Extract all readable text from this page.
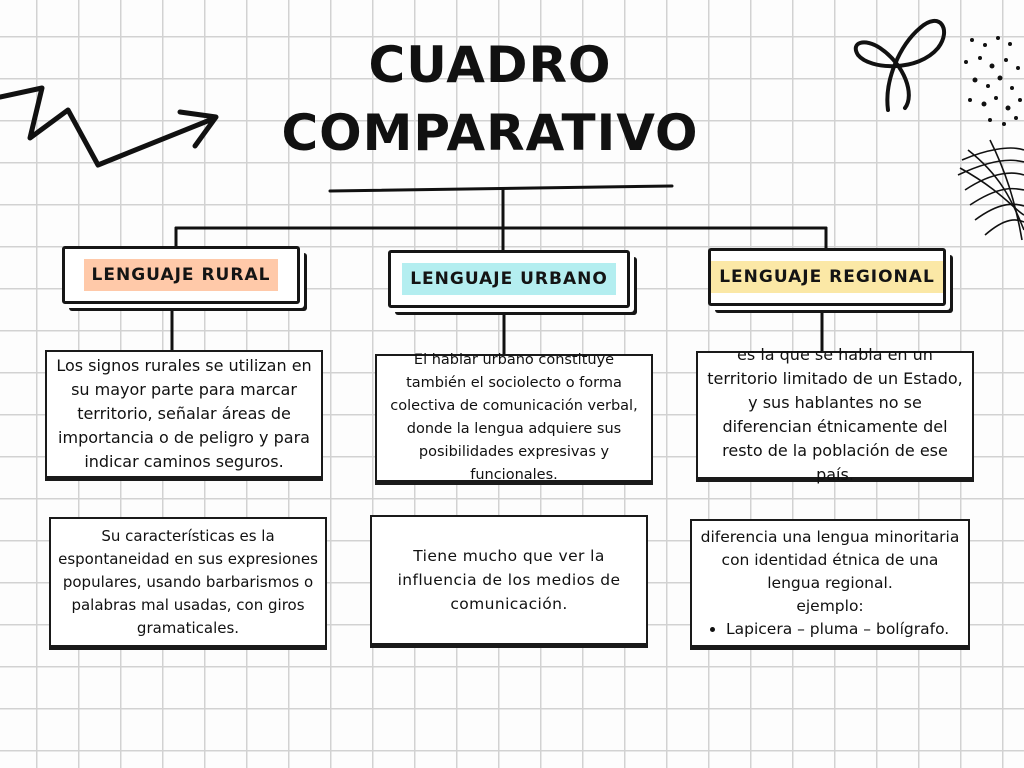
CUADRO
COMPARATIVO
LENGUAJE RURAL	LENGUAJE URBANO	LENGUAJE REGIONAL
Los signos rurales se utilizan en su mayor parte para marcar territorio, señalar áreas de importancia o de peligro y para indicar caminos seguros.
El hablar urbano constituye también el sociolecto o forma colectiva de comunicación verbal, donde la lengua adquiere sus posibilidades expresivas y funcionales.
es la que se habla en un territorio limitado de un Estado, y sus hablantes no se diferencian étnicamente del resto de la población de ese país.
Su características es la espontaneidad en sus expresiones populares, usando barbarismos o palabras mal usadas, con giros gramaticales.
Tiene mucho que ver la influencia de los medios de comunicación.
diferencia una lengua minoritaria con identidad étnica de una lengua regional.
ejemplo:
• Lapicera – pluma – bolígrafo.
